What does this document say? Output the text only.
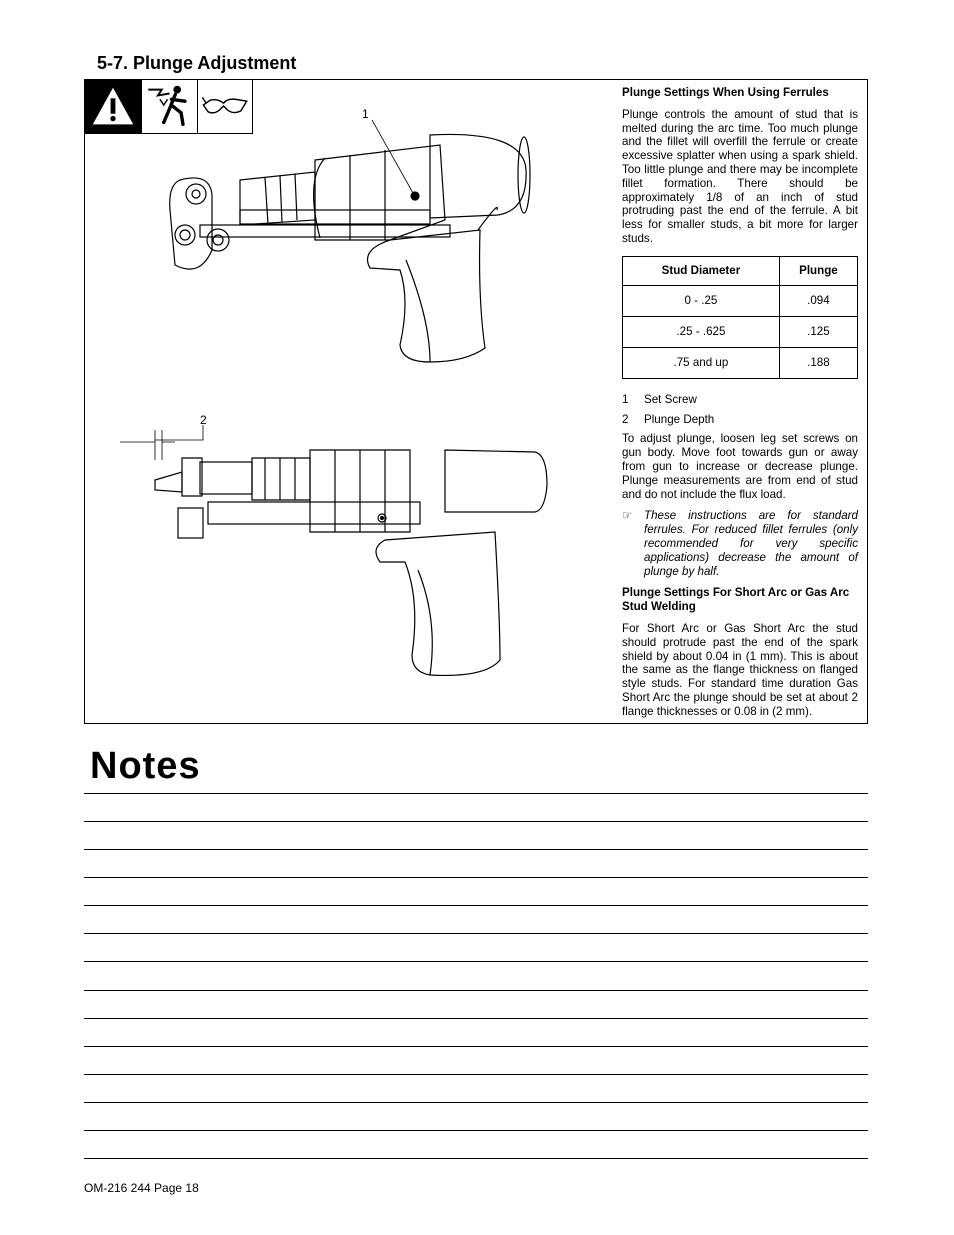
5-7. Plunge Adjustment
1
2
Plunge Settings When Using Ferrules

Plunge controls the amount of stud that is melted during the arc time. Too much plunge and the fillet will overfill the ferrule or create excessive splatter when using a spark shield. Too little plunge and there may be incomplete fillet formation. There should be approximately 1/8 of an inch of stud protruding past the end of the ferrule. A bit less for smaller studs, a bit more for larger studs.

Stud Diameter	Plunge
0 - .25	.094
.25 - .625	.125
.75 and up	.188
1	Set Screw
2	Plunge Depth

To adjust plunge, loosen leg set screws on gun body. Move foot towards gun or away from gun to increase or decrease plunge. Plunge measurements are from end of stud and do not include the flux load.

☞ These instructions are for standard ferrules. For reduced fillet ferrules (only recommended for very specific applications) decrease the amount of plunge by half.
Plunge Settings For Short Arc or Gas Arc Stud Welding

For Short Arc or Gas Short Arc the stud should protrude past the end of the spark shield by about 0.04 in (1 mm). This is about the same as the flange thickness on flanged style studs. For standard time duration Gas Short Arc the plunge should be set at about 2 flange thicknesses or 0.08 in (2 mm).

Notes
OM-216 244 Page 18
